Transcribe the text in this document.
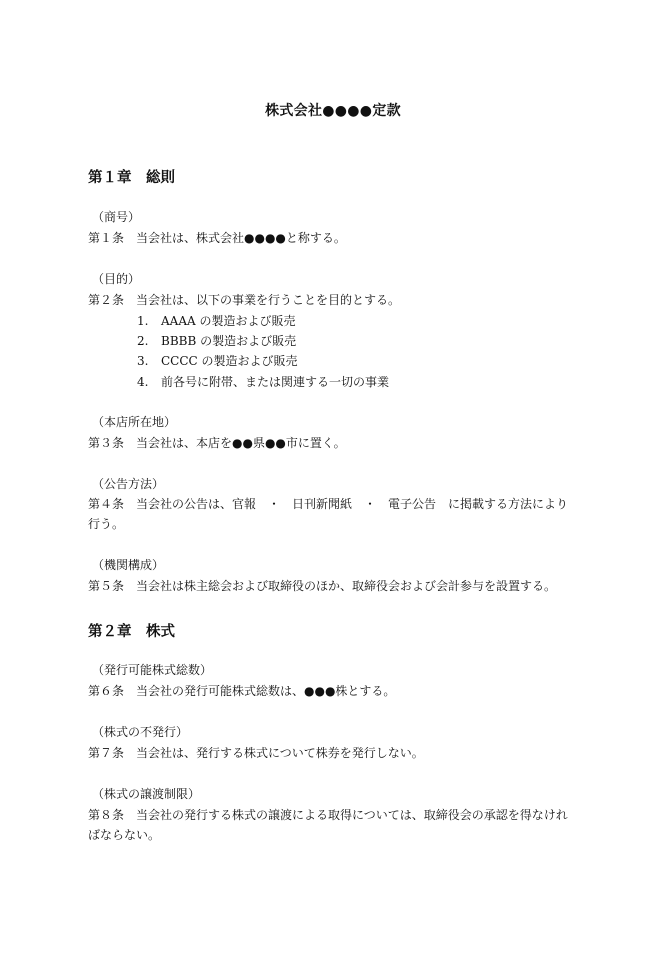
株式会社●●●●定款
第１章　総則
（商号）
第１条 当会社は、株式会社●●●●と称する。
（目的）
第２条 当会社は、以下の事業を行うことを目的とする。
1. AAAA の製造および販売
2. BBBB の製造および販売
3. CCCC の製造および販売
4. 前各号に附帯、または関連する一切の事業
（本店所在地）
第３条 当会社は、本店を●●県●●市に置く。
（公告方法）
第４条 当会社の公告は、官報　・　日刊新聞紙　・　電子公告　に掲載する方法により
行う。
（機関構成）
第５条 当会社は株主総会および取締役のほか、取締役会および会計参与を設置する。
第２章　株式
（発行可能株式総数）
第６条 当会社の発行可能株式総数は、●●●株とする。
（株式の不発行）
第７条 当会社は、発行する株式について株券を発行しない。
（株式の譲渡制限）
第８条 当会社の発行する株式の譲渡による取得については、取締役会の承認を得なけれ
ばならない。
